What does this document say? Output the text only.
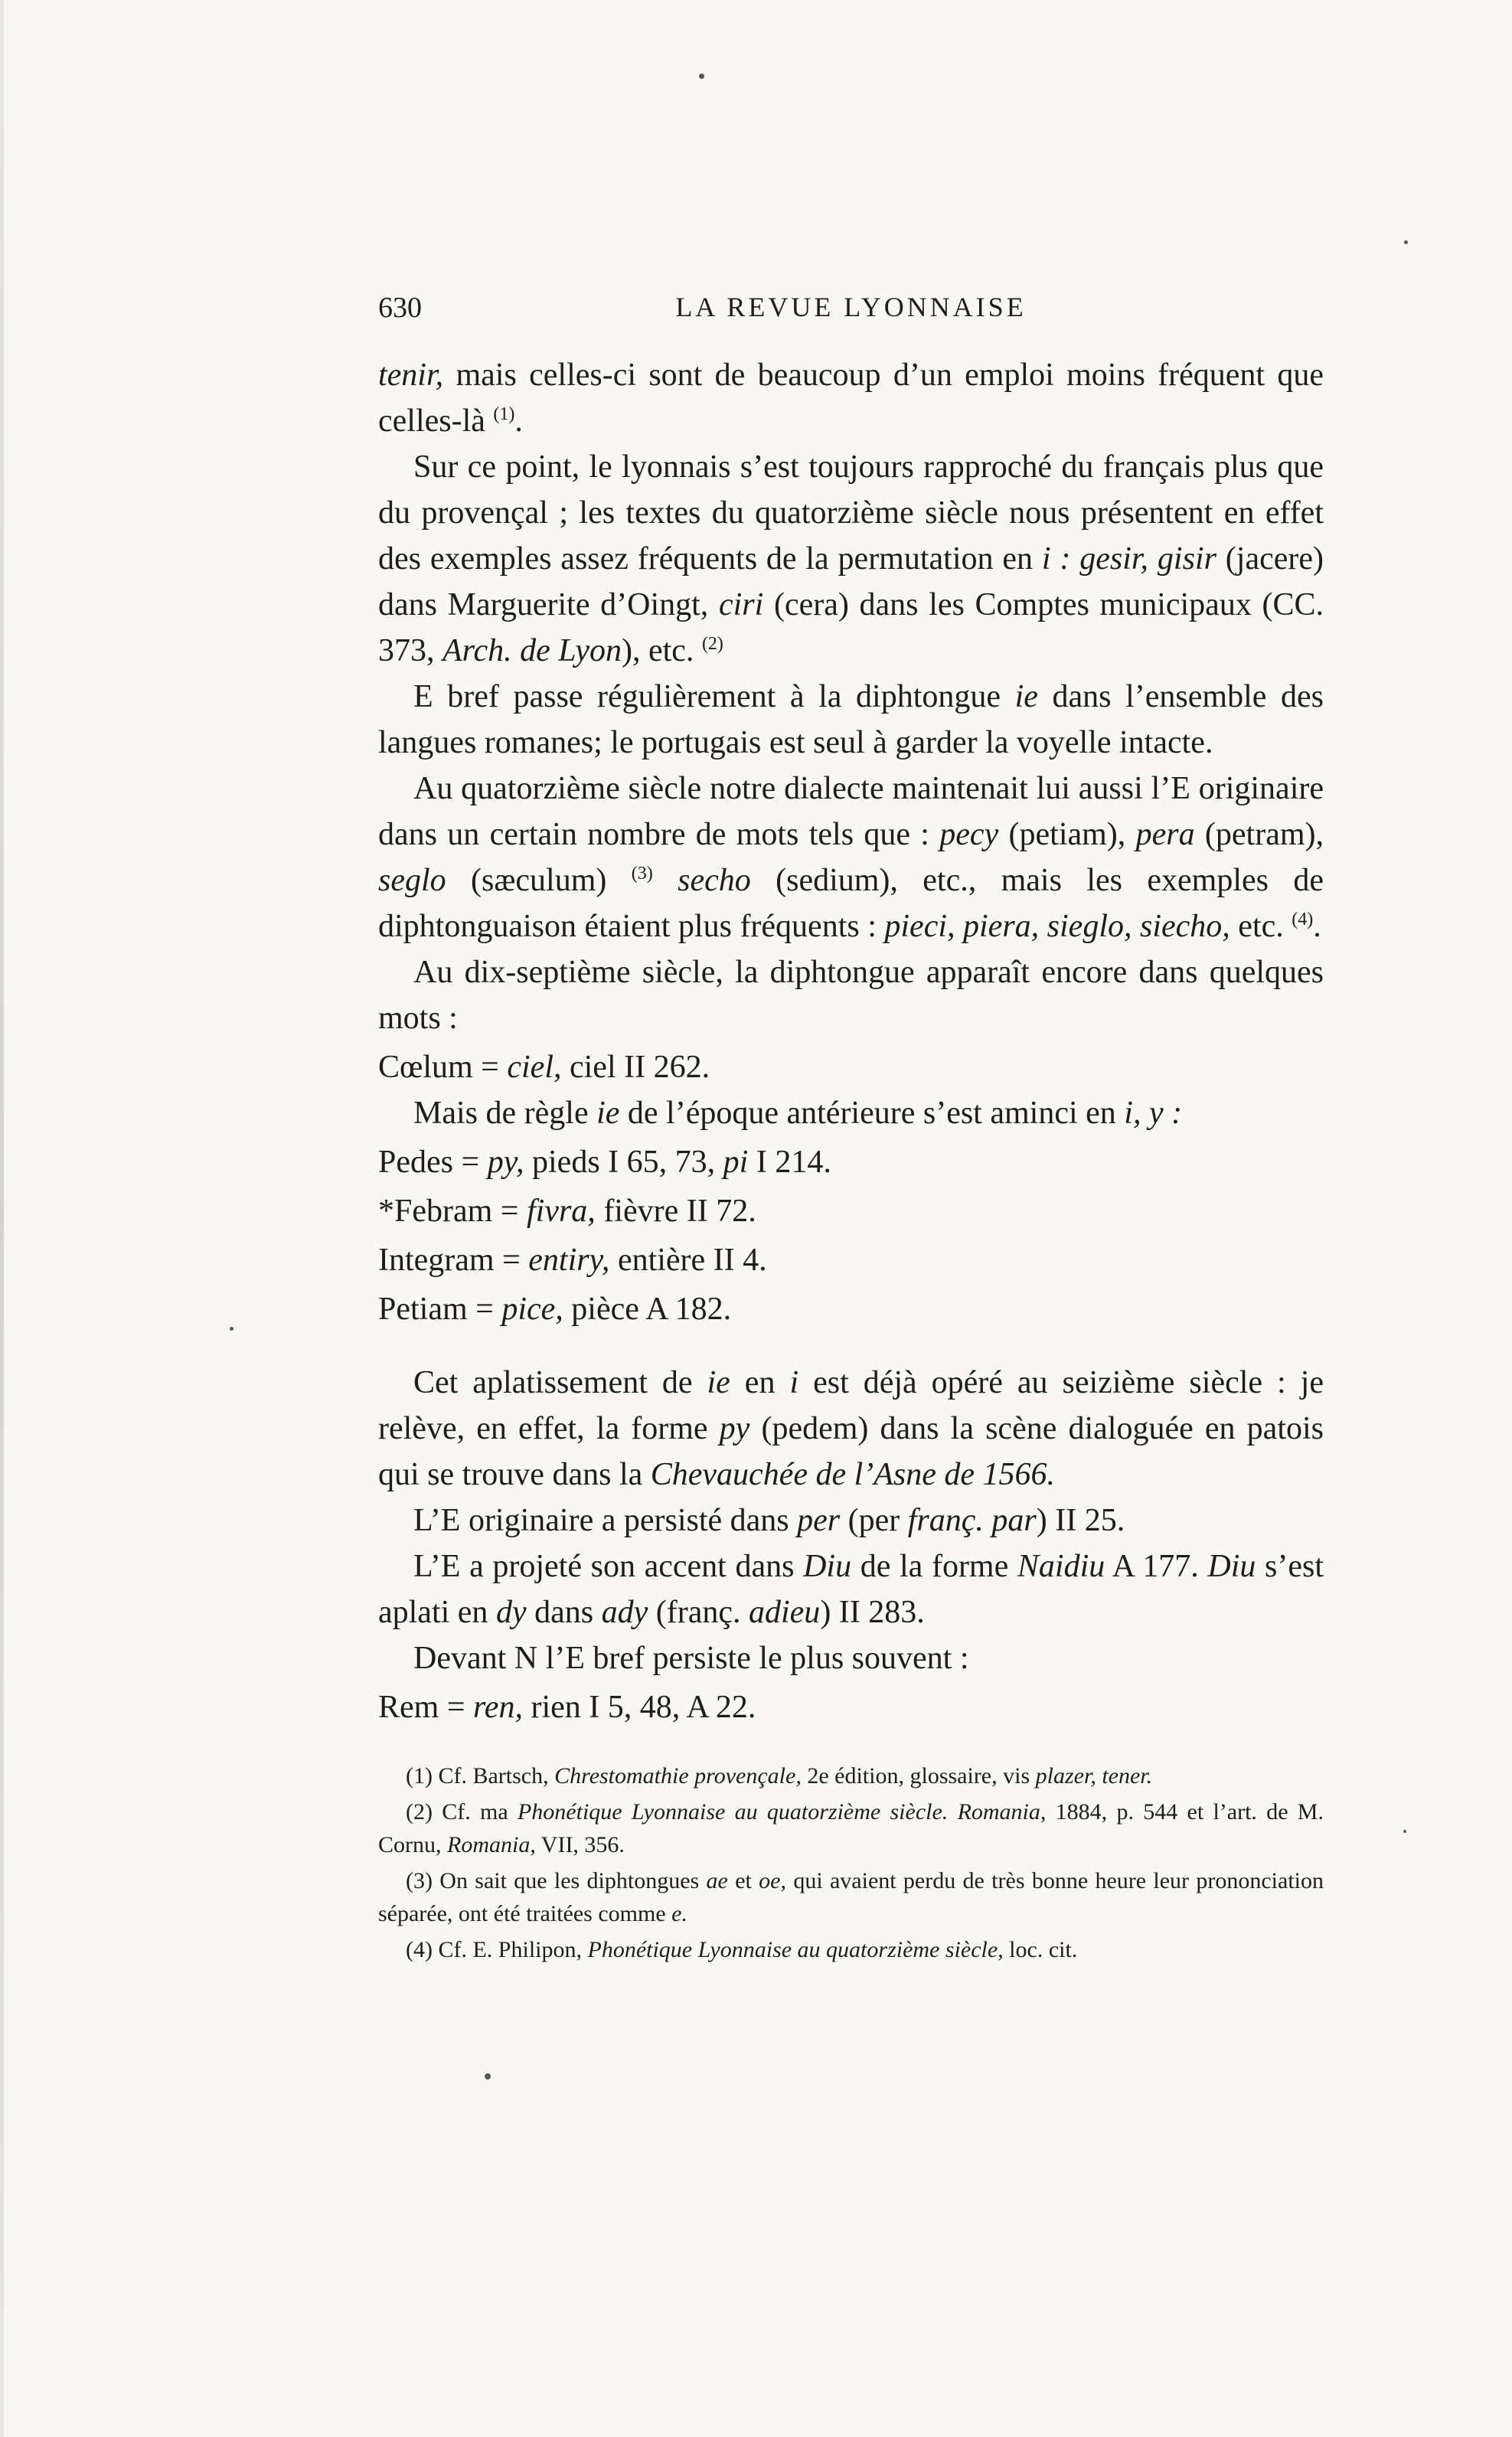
630	LA REVUE LYONNAISE

tenir, mais celles-ci sont de beaucoup d’un emploi moins fréquent que celles-là $^{(1)}$.

Sur ce point, le lyonnais s’est toujours rapproché du français plus que du provençal ; les textes du quatorzième siècle nous présentent en effet des exemples assez fréquents de la permutation en i : gesir, gisir (jacere) dans Marguerite d’Oingt, ciri (cera) dans les Comptes municipaux (CC. 373, Arch. de Lyon), etc. $^{(2)}$

E bref passe régulièrement à la diphtongue ie dans l’ensemble des langues romanes; le portugais est seul à garder la voyelle intacte.

Au quatorzième siècle notre dialecte maintenait lui aussi l’E originaire dans un certain nombre de mots tels que : pecy (petiam), pera (petram), seglo (sæculum) $^{(3)}$ secho (sedium), etc., mais les exemples de diphtonguaison étaient plus fréquents : pieci, piera, sieglo, siecho, etc. $^{(4)}$.

Au dix-septième siècle, la diphtongue apparaît encore dans quelques mots :

Cœlum = ciel, ciel II 262.

Mais de règle ie de l’époque antérieure s’est aminci en i, y :

Pedes = py, pieds I 65, 73, pi I 214.

*Febram = fivra, fièvre II 72.

Integram = entiry, entière II 4.

Petiam = pice, pièce A 182.

Cet aplatissement de ie en i est déjà opéré au seizième siècle : je relève, en effet, la forme py (pedem) dans la scène dialoguée en patois qui se trouve dans la Chevauchée de l’Asne de 1566.

L’E originaire a persisté dans per (per franç. par) II 25.

L’E a projeté son accent dans Diu de la forme Naidiu A 177. Diu s’est aplati en dy dans ady (franç. adieu) II 283.

Devant N l’E bref persiste le plus souvent :

Rem = ren, rien I 5, 48, A 22.

(1) Cf. Bartsch, Chrestomathie provençale, 2e édition, glossaire, vis plazer, tener.

(2) Cf. ma Phonétique Lyonnaise au quatorzième siècle. Romania, 1884, p. 544 et l’art. de M. Cornu, Romania, VII, 356.

(3) On sait que les diphtongues ae et oe, qui avaient perdu de très bonne heure leur prononciation séparée, ont été traitées comme e.

(4) Cf. E. Philipon, Phonétique Lyonnaise au quatorzième siècle, loc. cit.
